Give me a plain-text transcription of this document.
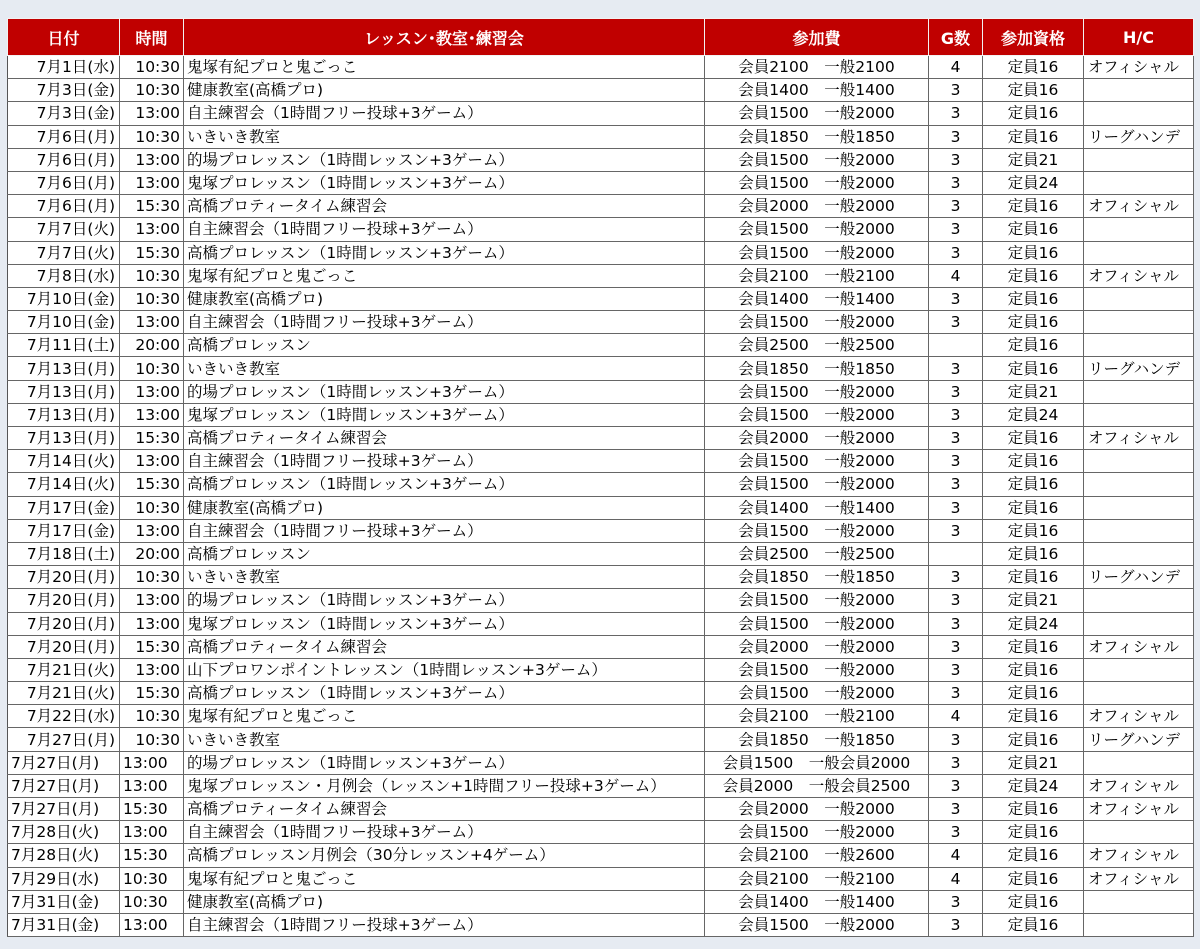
日付	時間	レッスン･教室･練習会	参加費	G数	参加資格	H/C
7月1日(水)	10:30	鬼塚有紀プロと鬼ごっこ	会員2100　一般2100	4	定員16	オフィシャル
7月3日(金)	10:30	健康教室(高橋プロ)	会員1400　一般1400	3	定員16	
7月3日(金)	13:00	自主練習会（1時間フリー投球+3ゲーム）	会員1500　一般2000	3	定員16	
7月6日(月)	10:30	いきいき教室	会員1850　一般1850	3	定員16	リーグハンデ
7月6日(月)	13:00	的場プロレッスン（1時間レッスン+3ゲーム）	会員1500　一般2000	3	定員21	
7月6日(月)	13:00	鬼塚プロレッスン（1時間レッスン+3ゲーム）	会員1500　一般2000	3	定員24	
7月6日(月)	15:30	高橋プロティータイム練習会	会員2000　一般2000	3	定員16	オフィシャル
7月7日(火)	13:00	自主練習会（1時間フリー投球+3ゲーム）	会員1500　一般2000	3	定員16	
7月7日(火)	15:30	高橋プロレッスン（1時間レッスン+3ゲーム）	会員1500　一般2000	3	定員16	
7月8日(水)	10:30	鬼塚有紀プロと鬼ごっこ	会員2100　一般2100	4	定員16	オフィシャル
7月10日(金)	10:30	健康教室(高橋プロ)	会員1400　一般1400	3	定員16	
7月10日(金)	13:00	自主練習会（1時間フリー投球+3ゲーム）	会員1500　一般2000	3	定員16	
7月11日(土)	20:00	高橋プロレッスン	会員2500　一般2500		定員16	
7月13日(月)	10:30	いきいき教室	会員1850　一般1850	3	定員16	リーグハンデ
7月13日(月)	13:00	的場プロレッスン（1時間レッスン+3ゲーム）	会員1500　一般2000	3	定員21	
7月13日(月)	13:00	鬼塚プロレッスン（1時間レッスン+3ゲーム）	会員1500　一般2000	3	定員24	
7月13日(月)	15:30	高橋プロティータイム練習会	会員2000　一般2000	3	定員16	オフィシャル
7月14日(火)	13:00	自主練習会（1時間フリー投球+3ゲーム）	会員1500　一般2000	3	定員16	
7月14日(火)	15:30	高橋プロレッスン（1時間レッスン+3ゲーム）	会員1500　一般2000	3	定員16	
7月17日(金)	10:30	健康教室(高橋プロ)	会員1400　一般1400	3	定員16	
7月17日(金)	13:00	自主練習会（1時間フリー投球+3ゲーム）	会員1500　一般2000	3	定員16	
7月18日(土)	20:00	高橋プロレッスン	会員2500　一般2500		定員16	
7月20日(月)	10:30	いきいき教室	会員1850　一般1850	3	定員16	リーグハンデ
7月20日(月)	13:00	的場プロレッスン（1時間レッスン+3ゲーム）	会員1500　一般2000	3	定員21	
7月20日(月)	13:00	鬼塚プロレッスン（1時間レッスン+3ゲーム）	会員1500　一般2000	3	定員24	
7月20日(月)	15:30	高橋プロティータイム練習会	会員2000　一般2000	3	定員16	オフィシャル
7月21日(火)	13:00	山下プロワンポイントレッスン（1時間レッスン+3ゲーム）	会員1500　一般2000	3	定員16	
7月21日(火)	15:30	高橋プロレッスン（1時間レッスン+3ゲーム）	会員1500　一般2000	3	定員16	
7月22日(水)	10:30	鬼塚有紀プロと鬼ごっこ	会員2100　一般2100	4	定員16	オフィシャル
7月27日(月)	10:30	いきいき教室	会員1850　一般1850	3	定員16	リーグハンデ
7月27日(月)	13:00	的場プロレッスン（1時間レッスン+3ゲーム）	会員1500　一般会員2000	3	定員21	
7月27日(月)	13:00	鬼塚プロレッスン・月例会（レッスン+1時間フリー投球+3ゲーム）	会員2000　一般会員2500	3	定員24	オフィシャル
7月27日(月)	15:30	高橋プロティータイム練習会	会員2000　一般2000	3	定員16	オフィシャル
7月28日(火)	13:00	自主練習会（1時間フリー投球+3ゲーム）	会員1500　一般2000	3	定員16	
7月28日(火)	15:30	高橋プロレッスン月例会（30分レッスン+4ゲーム）	会員2100　一般2600	4	定員16	オフィシャル
7月29日(水)	10:30	鬼塚有紀プロと鬼ごっこ	会員2100　一般2100	4	定員16	オフィシャル
7月31日(金)	10:30	健康教室(高橋プロ)	会員1400　一般1400	3	定員16	
7月31日(金)	13:00	自主練習会（1時間フリー投球+3ゲーム）	会員1500　一般2000	3	定員16	
